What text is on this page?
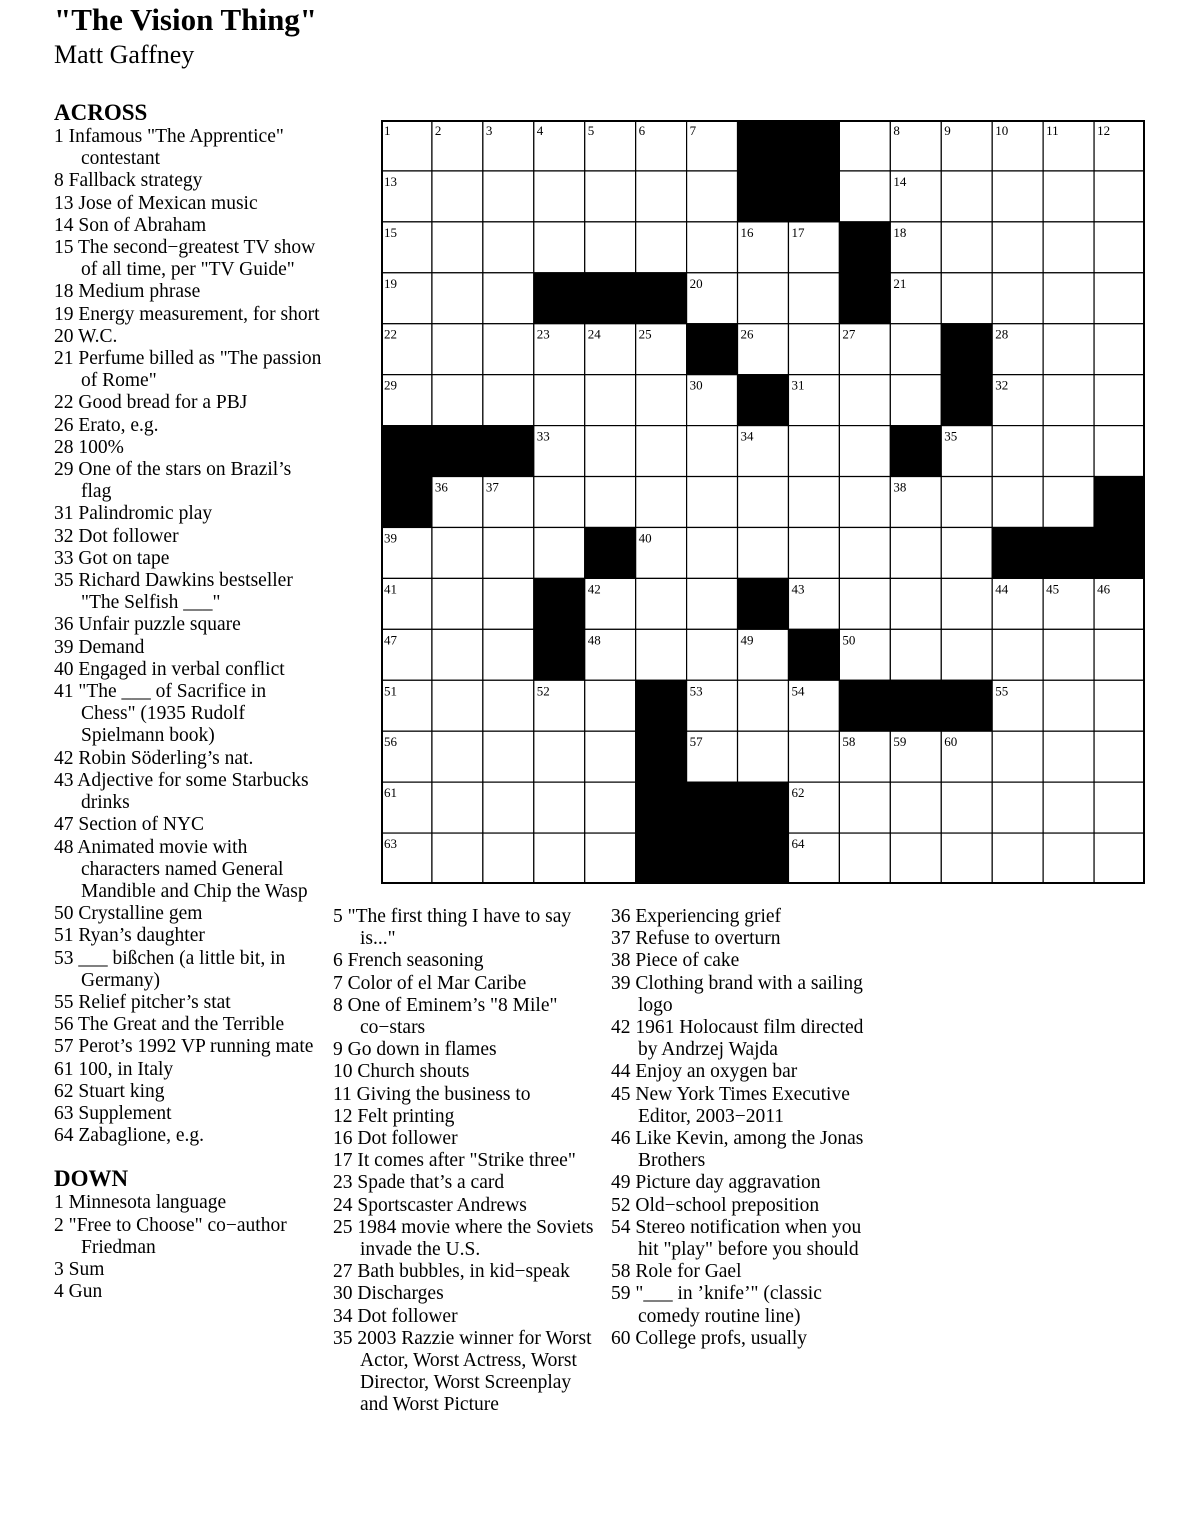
"The Vision Thing"
Matt Gaffney
ACROSS
1 Infamous "The Apprentice" contestant
8 Fallback strategy
13 Jose of Mexican music
14 Son of Abraham
15 The second−greatest TV show of all time, per "TV Guide"
18 Medium phrase
19 Energy measurement, for short
20 W.C.
21 Perfume billed as "The passion of Rome"
22 Good bread for a PBJ
26 Erato, e.g.
28 100%
29 One of the stars on Brazil’s flag
31 Palindromic play
32 Dot follower
33 Got on tape
35 Richard Dawkins bestseller "The Selfish ___"
36 Unfair puzzle square
39 Demand
40 Engaged in verbal conflict
41 "The ___ of Sacrifice in Chess" (1935 Rudolf Spielmann book)
42 Robin Söderling’s nat.
43 Adjective for some Starbucks drinks
47 Section of NYC
48 Animated movie with characters named General Mandible and Chip the Wasp
50 Crystalline gem
51 Ryan’s daughter
53 ___ bißchen (a little bit, in Germany)
55 Relief pitcher’s stat
56 The Great and the Terrible
57 Perot’s 1992 VP running mate
61 100, in Italy
62 Stuart king
63 Supplement
64 Zabaglione, e.g.
DOWN
1 Minnesota language
2 "Free to Choose" co−author Friedman
3 Sum
4 Gun
5 "The first thing I have to say is..."
6 French seasoning
7 Color of el Mar Caribe
8 One of Eminem’s "8 Mile" co−stars
9 Go down in flames
10 Church shouts
11 Giving the business to
12 Felt printing
16 Dot follower
17 It comes after "Strike three"
23 Spade that’s a card
24 Sportscaster Andrews
25 1984 movie where the Soviets invade the U.S.
27 Bath bubbles, in kid−speak
30 Discharges
34 Dot follower
35 2003 Razzie winner for Worst Actor, Worst Actress, Worst Director, Worst Screenplay and Worst Picture
36 Experiencing grief
37 Refuse to overturn
38 Piece of cake
39 Clothing brand with a sailing logo
42 1961 Holocaust film directed by Andrzej Wajda
44 Enjoy an oxygen bar
45 New York Times Executive Editor, 2003−2011
46 Like Kevin, among the Jonas Brothers
49 Picture day aggravation
52 Old−school preposition
54 Stereo notification when you hit "play" before you should
58 Role for Gael
59 "___ in ’knife’" (classic comedy routine line)
60 College profs, usually
1	2	3	4	5	6	7	8	9	10	11	12
13	14
15	16	17	18
19	20	21
22	23	24	25	26	27	28
29	30	31	32
33	34	35
36	37	38
39	40
41	42	43	44	45	46
47	48	49	50
51	52	53	54	55
56	57	58	59	60
61	62
63	64
